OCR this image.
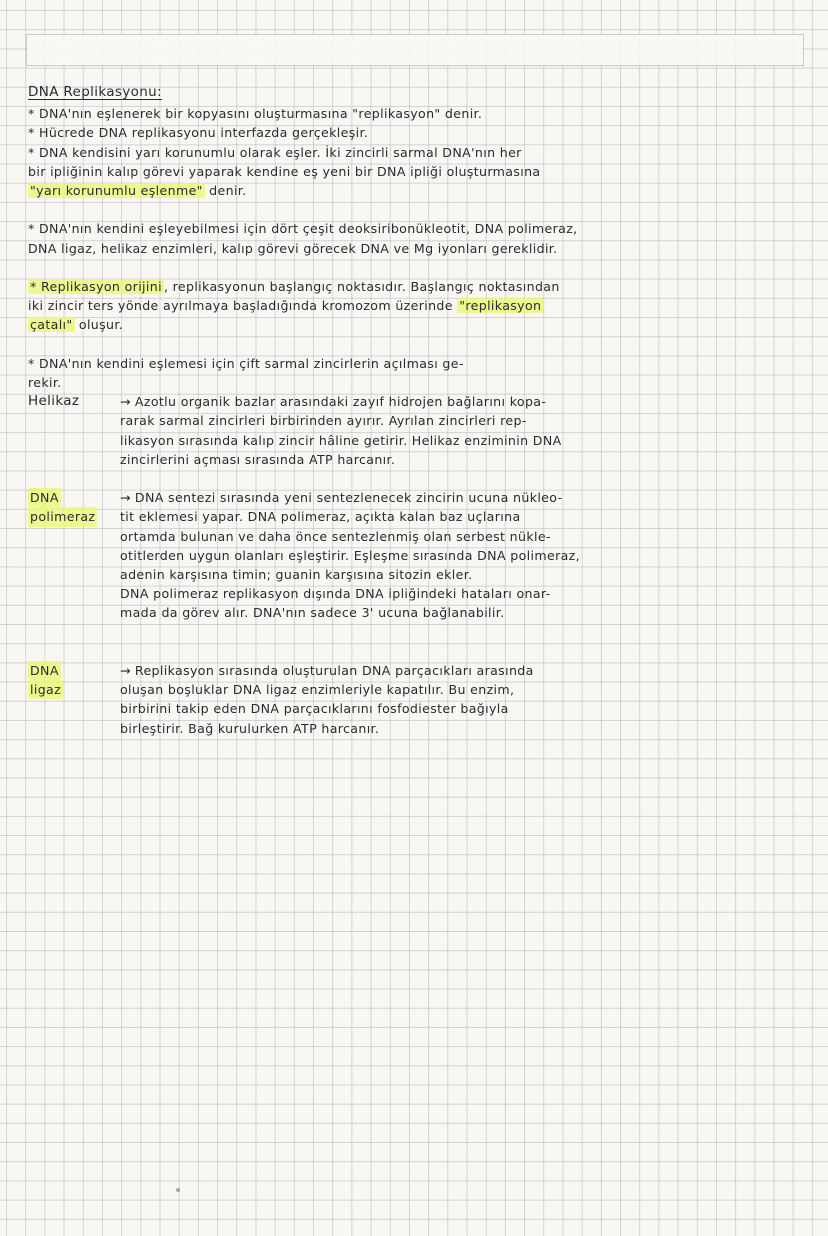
DNA Replikasyonu:
* DNA'nın eşlenerek bir kopyasını oluşturmasına "replikasyon" denir.
* Hücrede DNA replikasyonu interfazda gerçekleşir.
* DNA kendisini yarı korunumlu olarak eşler. İki zincirli sarmal DNA'nın her
bir ipliğinin kalıp görevi yaparak kendine eş yeni bir DNA ipliği oluşturmasına
"yarı korunumlu eşlenme" denir.
* DNA'nın kendini eşleyebilmesi için dört çeşit deoksiribonükleotit, DNA polimeraz,
DNA ligaz, helikaz enzimleri, kalıp görevi görecek DNA ve Mg iyonları gereklidir.
* Replikasyon orijini , replikasyonun başlangıç noktasıdır. Başlangıç noktasından
iki zincir ters yönde ayrılmaya başladığında kromozom üzerinde "replikasyon
çatalı" oluşur.
* DNA'nın kendini eşlemesi için çift sarmal zincirlerin açılması ge-
rekir.
Helikaz	→ Azotlu organik bazlar arasındaki zayıf hidrojen bağlarını kopa-
rarak sarmal zincirleri birbirinden ayırır. Ayrılan zincirleri rep-
likasyon sırasında kalıp zincir hâline getirir. Helikaz enziminin DNA
zincirlerini açması sırasında ATP harcanır.
DNA
polimeraz
→ DNA sentezi sırasında yeni sentezlenecek zincirin ucuna nükleo-
tit eklemesi yapar. DNA polimeraz, açıkta kalan baz uçlarına
ortamda bulunan ve daha önce sentezlenmiş olan serbest nükle-
otitlerden uygun olanları eşleştirir. Eşleşme sırasında DNA polimeraz,
adenin karşısına timin; guanin karşısına sitozin ekler.
DNA polimeraz replikasyon dışında DNA ipliğindeki hataları onar-
mada da görev alır. DNA'nın sadece 3' ucuna bağlanabilir.
DNA
ligaz
→ Replikasyon sırasında oluşturulan DNA parçacıkları arasında
oluşan boşluklar DNA ligaz enzimleriyle kapatılır. Bu enzim,
birbirini takip eden DNA parçacıklarını fosfodiester bağıyla
birleştirir. Bağ kurulurken ATP harcanır.
